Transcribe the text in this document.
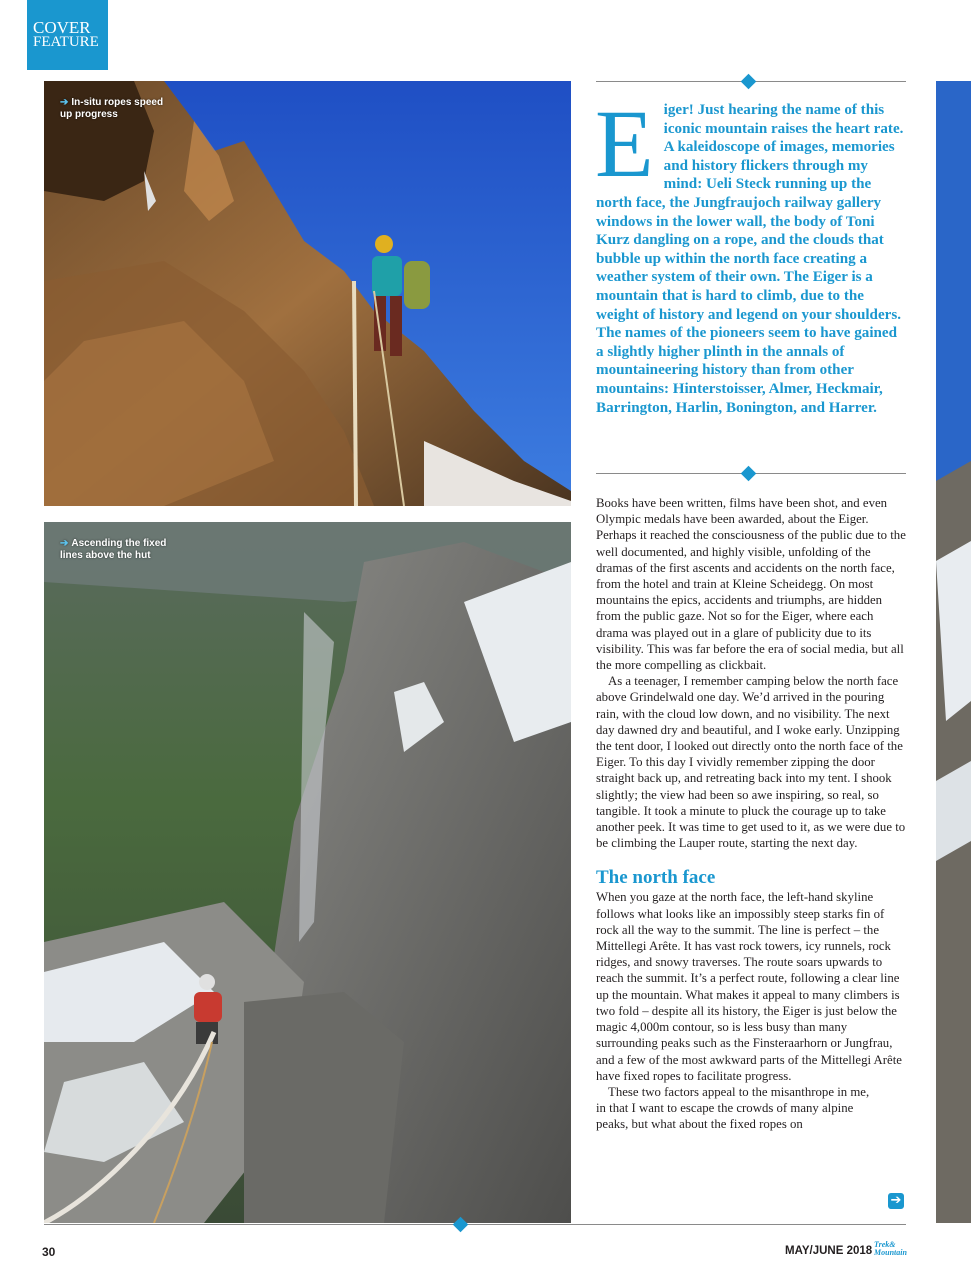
COVER
FEATURE
➔ In-situ ropes speed up progress
➔ Ascending the fixed lines above the hut
Eiger! Just hearing the name of this iconic mountain raises the heart rate. A kaleidoscope of images, memories and history flickers through my mind: Ueli Steck running up the north face, the Jungfraujoch railway gallery windows in the lower wall, the body of Toni Kurz dangling on a rope, and the clouds that bubble up within the north face creating a weather system of their own. The Eiger is a mountain that is hard to climb, due to the weight of history and legend on your shoulders. The names of the pioneers seem to have gained a slightly higher plinth in the annals of mountaineering history than from other mountains: Hinterstoisser, Almer, Heckmair, Barrington, Harlin, Bonington, and Harrer.

Books have been written, films have been shot, and even Olympic medals have been awarded, about the Eiger. Perhaps it reached the consciousness of the public due to the well documented, and highly visible, unfolding of the dramas of the first ascents and accidents on the north face, from the hotel and train at Kleine Scheidegg. On most mountains the epics, accidents and triumphs, are hidden from the public gaze. Not so for the Eiger, where each drama was played out in a glare of publicity due to its visibility. This was far before the era of social media, but all the more compelling as clickbait.

As a teenager, I remember camping below the north face above Grindelwald one day. We’d arrived in the pouring rain, with the cloud low down, and no visibility. The next day dawned dry and beautiful, and I woke early. Unzipping the tent door, I looked out directly onto the north face of the Eiger. To this day I vividly remember zipping the door straight back up, and retreating back into my tent. I shook slightly; the view had been so awe inspiring, so real, so tangible. It took a minute to pluck the courage up to take another peek. It was time to get used to it, as we were due to be climbing the Lauper route, starting the next day.

The north face

When you gaze at the north face, the left-hand skyline follows what looks like an impossibly steep starks fin of rock all the way to the summit. The line is perfect – the Mittellegi Arête. It has vast rock towers, icy runnels, rock ridges, and snowy traverses. The route soars upwards to reach the summit. It’s a perfect route, following a clear line up the mountain. What makes it appeal to many climbers is two fold – despite all its history, the Eiger is just below the magic 4,000m contour, so is less busy than many surrounding peaks such as the Finsteraarhorn or Jungfrau, and a few of the most awkward parts of the Mittellegi Arête have fixed ropes to facilitate progress.

These two factors appeal to the misanthrope in me, in that I want to escape the crowds of many alpine peaks, but what about the fixed ropes on

➔
30	MAY/JUNE 2018
Trek&
Mountain
